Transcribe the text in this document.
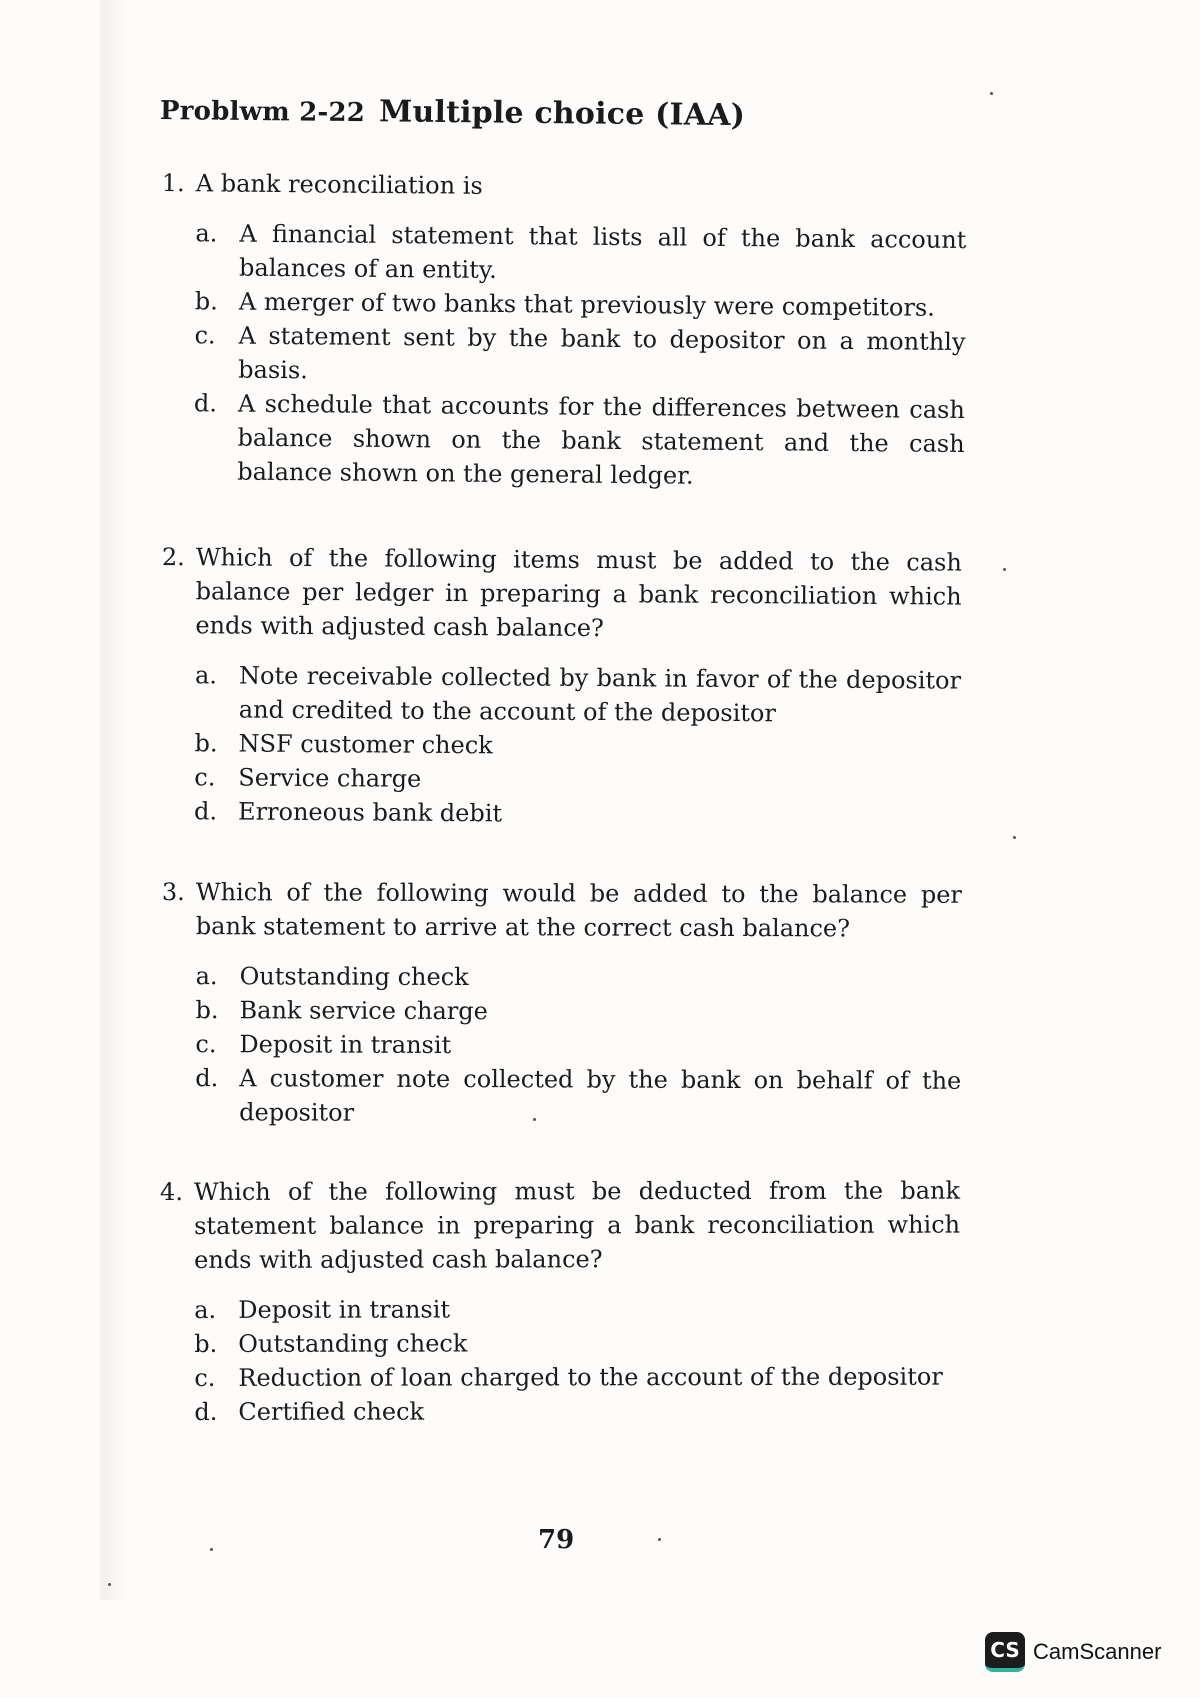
Problwm 2-22 Multiple choice (IAA)
1. A bank reconciliation is
a. A financial statement that lists all of the bank account balances of an entity.
b. A merger of two banks that previously were competitors.
c. A statement sent by the bank to depositor on a monthly basis.
d. A schedule that accounts for the differences between cash balance shown on the bank statement and the cash balance shown on the general ledger.
2. Which of the following items must be added to the cash balance per ledger in preparing a bank reconciliation which ends with adjusted cash balance?
a. Note receivable collected by bank in favor of the depositor and credited to the account of the depositor
b. NSF customer check
c. Service charge
d. Erroneous bank debit
3. Which of the following would be added to the balance per bank statement to arrive at the correct cash balance?
a. Outstanding check
b. Bank service charge
c. Deposit in transit
d. A customer note collected by the bank on behalf of the depositor
4. Which of the following must be deducted from the bank statement balance in preparing a bank reconciliation which ends with adjusted cash balance?
a. Deposit in transit
b. Outstanding check
c. Reduction of loan charged to the account of the depositor
d. Certified check
79
CS CamScanner
